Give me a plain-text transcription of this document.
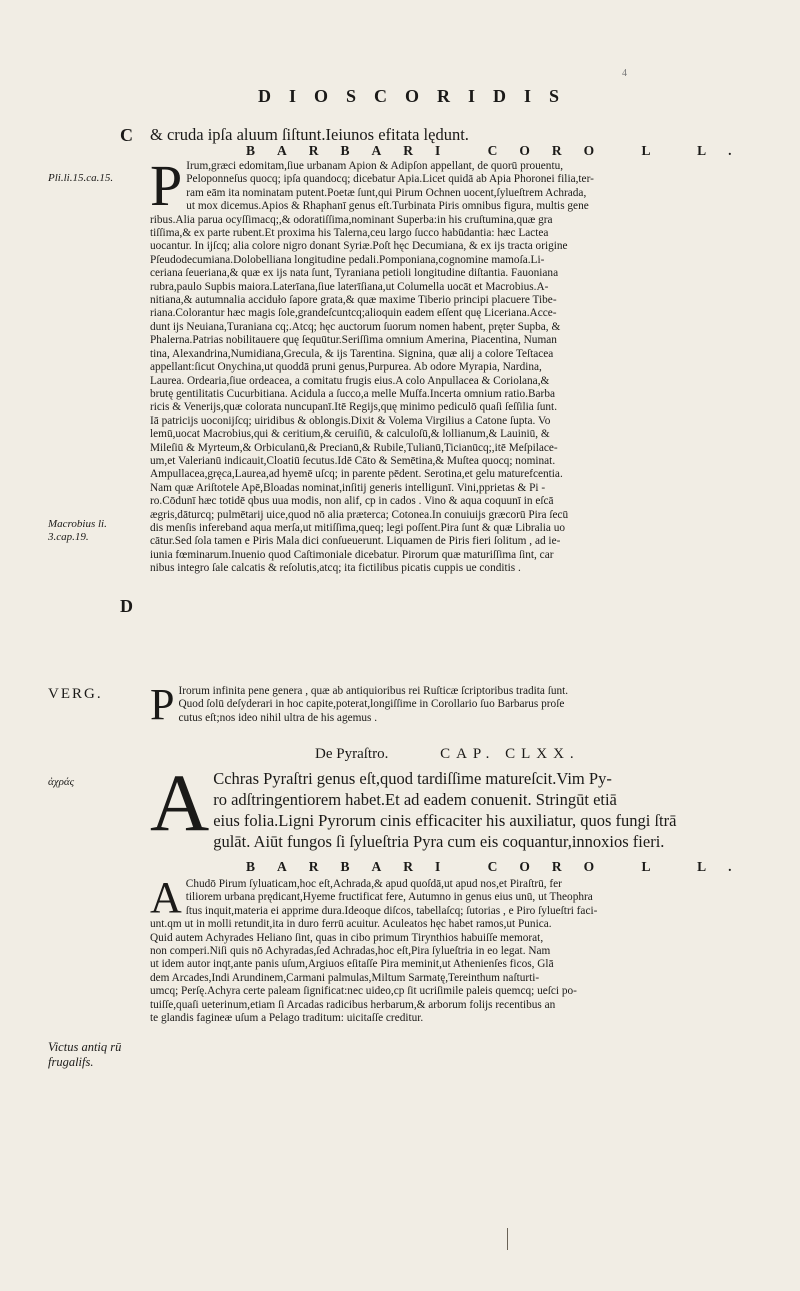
DIOSCORIDIS
4
C
Pli.li.15.ca.15.
Macrobius li. 3.cap.19.
D
VERG.
ἀχράς
Victus antiq rū frugalifs.
& cruda ipſa aluum ſiſtunt.Ieiunos efitata lędunt.
BARBARI CORO L L.
P Irum,græci edomitam,ſiue urbanam Apion & Adipſon appellant, de quorū prouentu,
Peloponneſus quocq; ipſa quandocq; dicebatur Apia.Licet quidā ab Apia Phoronei filia,ter-
ram eām ita nominatam putent.Poetæ ſunt,qui Pirum Ochnen uocent,ſylueſtrem Achrada,
ut mox dicemus.Apios & Rhaphanī genus eſt.Turbinata Piris omnibus figura, multis gene
ribus.Alia parua ocyſſimacq;,& odoratiſſima,nominant Superba:in his cruſtumina,quæ gra
tiſſima,& ex parte rubent.Et proxima his Talerna,ceu largo ſucco habūdantia: hæc Lactea
uocantur. In ijſcq; alia colore nigro donant Syriæ.Poſt hęc Decumiana, & ex ijs tracta origine
Pſeudodecumiana.Dolobelliana longitudine pedali.Pomponiana,cognomine mamoſa.Li-
ceriana ſeueriana,& quæ ex ijs nata ſunt, Tyraniana petioli longitudine diſtantia. Fauoniana
rubra,paulo Supbis maiora.Laterīana,ſiue laterīſiana,ut Columella uocāt et Macrobius.A-
nitiana,& autumnalia acciduło ſapore grata,& quæ maxime Tiberio principi placuere Tibe-
riana.Colorantur hæc magis ſole,grandeſcuntcq;alioquin eadem eſſent quę Liceriana.Acce-
dunt ijs Neuiana,Turaniana cq;.Atcq; hęc auctorum ſuorum nomen habent, pręter Supba, &
Phalerna.Patrias nobilitauere quę ſequūtur.Seriſſima omnium Amerina, Piacentina, Numan
tina, Alexandrina,Numidiana,Grecula, & ijs Tarentina. Signina, quæ alij a colore Teſtacea
appellant:ſicut Onychina,ut quoddā pruni genus,Purpurea. Ab odore Myrapia, Nardina,
Laurea. Ordearia,ſiue ordeacea, a comitatu frugis eius.A colo Anpullacea & Coriolana,&
brutę gentilitatis Cucurbitiana. Acidula a ſucco,a melle Muſfa.Incerta omnium ratio.Barba
ricis & Venerijs,quæ colorata nuncupanī.Itē Regijs,quę minimo pediculō quaſi ſeſſilia ſunt.
Iā patricijs uoconijſcq; uiridibus & oblongis.Dixit & Volema Virgilius a Catone ſupta. Vo
lemū,uocat Macrobius,qui & ceritium,& ceruiſiū, & calculoſū,& lollianum,& Lauiniū, &
Mileſiū & Myrteum,& Orbiculanū,& Precianū,& Rubile,Tulianū,Ticianūcq;,itē Meſpilace-
um,et Valerianū indicauit,Cloatiū ſecutus.Idē Cāto & Semētina,& Muſtea quocq; nominat.
Ampullacea,gręca,Laurea,ad hyemē uſcq; in parente pēdent. Serotina,et gelu maturefcentia.
Nam quæ Ariſtotele Apē,Bloadas nominat,inſitij generis intelligunī. Vini,pprietas & Pi -
ro.Cōdunī hæc totidē qbus uua modis, non alif, cp in cados . Vino & aqua coquunī in eſcā
ægris,dāturcq; pulmētarij uice,quod nō alia præterca; Cotonea.In conuiuijs græcorū Pira ſecū
dis menſis infereband aqua merſa,ut mitiſſima,queq; legi poſſent.Pira ſunt & quæ Libralia uo
cātur.Sed ſola tamen e Piris Mala dici conſueuerunt. Liquamen de Piris fieri ſolitum , ad ie-
iunia fœminarum.Inuenio quod Caſtimoniale dicebatur. Pirorum quæ maturiſſima ſint, car
nibus integro ſale calcatis & reſolutis,atcq; ita fictilibus picatis cuppis ue conditis .
P Irorum infinita pene genera , quæ ab antiquioribus rei Ruſticæ ſcriptoribus tradita ſunt.
Quod ſolū deſyderari in hoc capite,poterat,longiſſime in Corollario ſuo Barbarus proſe
cutus eſt;nos ideo nihil ultra de his agemus .
De Pyraſtro.	CAP. CLXX.
A Cchras Pyraſtri genus eſt,quod tardiſſime matureſcit.Vim Py-
ro adſtringentiorem habet.Et ad eadem conuenit. Stringūt etiā
eius folia.Ligni Pyrorum cinis efficaciter his auxiliatur, quos fungi ſtrā
gulāt. Aiūt fungos ſi ſylueſtria Pyra cum eis coquantur,innoxios fieri.
BARBARI CORO L L.
A Chudō Pirum ſyluaticam,hoc eſt,Achrada,& apud quoſdā,ut apud nos,et Piraſtrū, fer
tiliorem urbana prędicant,Hyeme fructificat fere, Autumno in genus eius unū, ut Theophra
ſtus inquit,materia ei apprime dura.Ideoque diſcos, tabellaſcq; ſutorias , e Piro ſylueſtri faci-
unt.qm ut in molli retundit,ita in duro ferrū acuitur. Aculeatos hęc habet ramos,ut Punica.
Quid autem Achyrades Heliano ſint, quas in cibo primum Tirynthios habuiſſe memorat,
non comperi.Niſi quis nō Achyradas,ſed Achradas,hoc eſt,Pira ſylueſtria in eo legat. Nam
ut idem autor inqt,ante panis uſum,Argiuos eſitaſſe Pira meminit,ut Athenienſes ficos, Glā
dem Arcades,Indi Arundinem,Carmani palmulas,Miltum Sarmatę,Tereinthum naſturti-
umcq; Perſę.Achyra certe paleam ſignificat:nec uideo,cp ſit ucriſimile paleis quemcq; ueſci po-
tuiſſe,quaſi ueterinum,etiam ſi Arcadas radicibus herbarum,& arborum folijs recentibus an
te glandis fagineæ uſum a Pelago traditum: uicitaſſe creditur.
